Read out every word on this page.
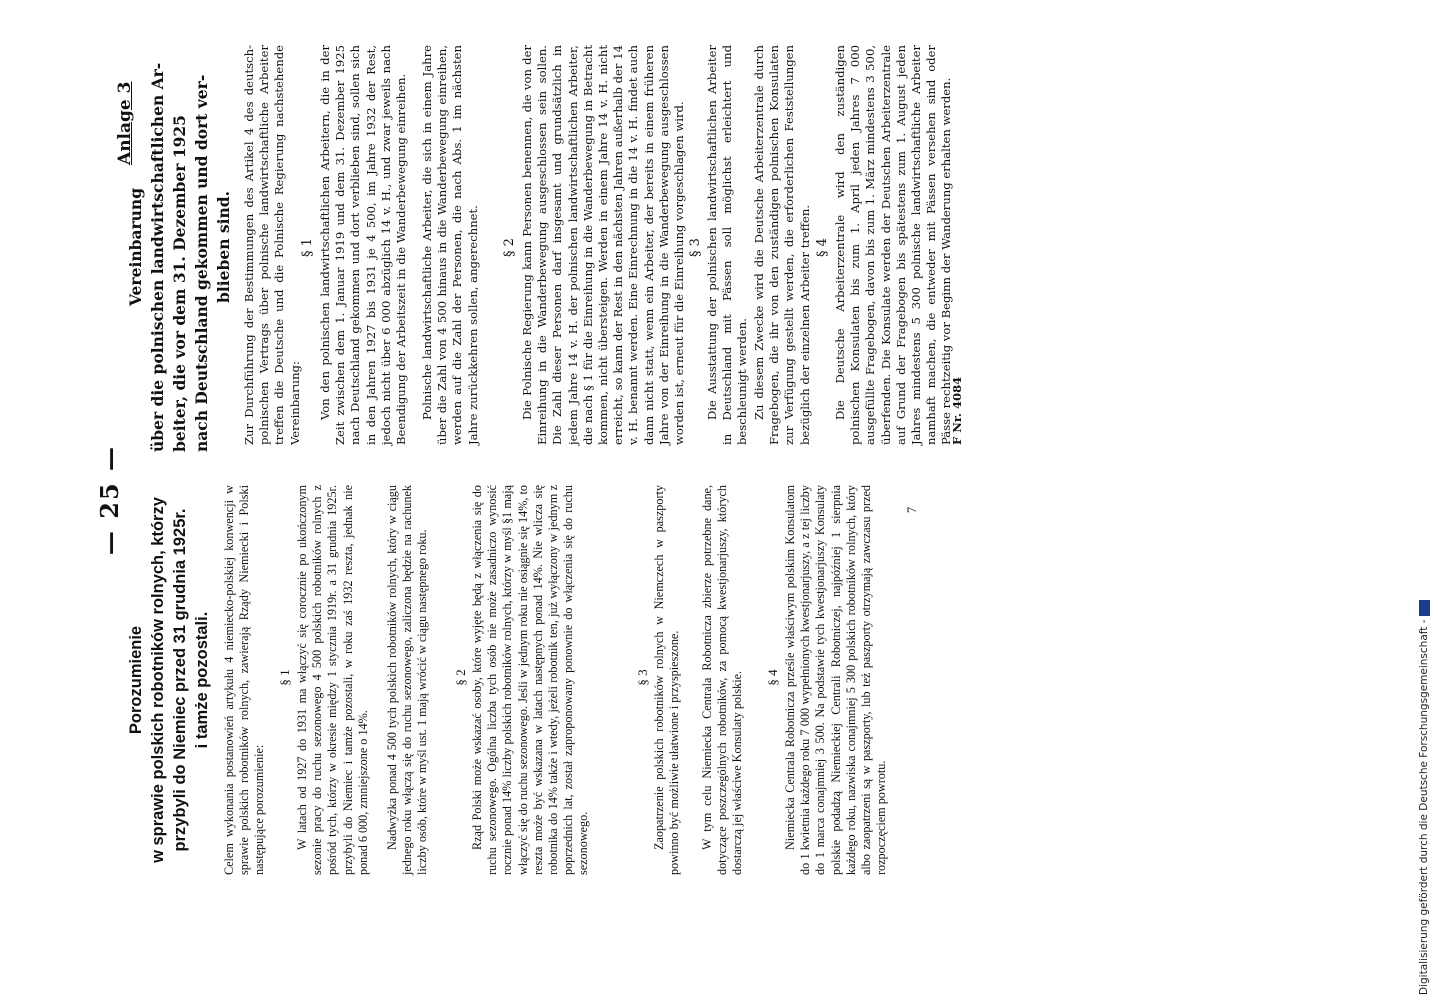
— 25 —
Anlage 3
Porozumienie w sprawie polskich robotników rolnych, którzy przybyli do Niemiec przed 31 grudnia 1925r. i tamże pozostali. Celem wykonania postanowień artykułu 4 niemiecko-polskiej konwencji w sprawie polskich robotników rolnych, zawierają Rządy Niemiecki i Polski następujące porozumienie:
§ 1 W latach od 1927 do 1931 ma włączyć się corocznie po ukończonym sezonie pracy do ruchu sezonowego 4 500 polskich robotników rolnych z pośród tych, którzy w okresie między 1 stycznia 1919r. a 31 grudnia 1925r. przybyli do Niemiec i tamże pozostali, w roku zaś 1932 reszta, jednak nie ponad 6 000, zmniejszone o 14%. Nadwyżka ponad 4 500 tych polskich robotników rolnych, który w ciągu jednego roku włączą się do ruchu sezonowego, zaliczona będzie na rachunek liczby osób, które w myśl ust. 1 mają wrócić w ciągu następnego roku. § 2 Rząd Polski może wskazać osoby, które wyjęte będą z włączenia się do ruchu sezonowego. Ogólna liczba tych osób nie może zasadniczo wynosić rocznie ponad 14% liczby polskich robotników rolnych, którzy w myśl §1 mają włączyć się do ruchu sezonowego. Jeśli w jednym roku nie osiągnie się 14%, to reszta może być wskazana w latach następnych ponad 14%. Nie wlicza się robotnika do 14% także i wtedy, jeżeli robotnik ten, już wyłączony w jednym z poprzednich lat, został zaproponowany ponownie do włączenia się do ruchu sezonowego.
§ 3 Zaopatrzenie polskich robotników rolnych w Niemczech w paszporty powinno być możliwie ułatwione i przyspieszone. W tym celu Niemiecka Centrala Robotnicza zbierze potrzebne dane, dotyczące poszczególnych robotników, za pomocą kwestjonarjuszy, których dostarczą jej właściwe Konsulaty polskie. § 4 Niemiecka Centrala Robotnicza prześle właściwym polskim Konsulatom do 1 kwietnia każdego roku 7 000 wypełnionych kwestjonarjuszy, a z tej liczby do 1 marca conajmniej 3 500. Na podstawie tych kwestjonarjuszy Konsulaty polskie podadzą Niemieckiej Centrali Robotniczej, najpóźniej 1 sierpnia każdego roku, nazwiska conajmniej 5 300 polskich robotników rolnych, który albo zaopatrzeni są w paszporty, lub też paszporty otrzymają zawczasu przed rozpoczęciem powrotu.
7
Vereinbarung über die polnischen landwirtschaftlichen Ar- beiter, die vor dem 31. Dezember 1925 nach Deutschland gekommen und dort ver- blieben sind. Zur Durchführung der Bestimmungen des Artikel 4 des deutsch-polnischen Vertrags über polnische landwirtschaftliche Arbeiter treffen die Deutsche und die Polnische Regierung nachstehende Vereinbarung:
§ 1 Von den polnischen landwirtschaftlichen Arbeitern, die in der Zeit zwischen dem 1. Januar 1919 und dem 31. Dezember 1925 nach Deutschland gekommen und dort verblieben sind, sollen sich in den Jahren 1927 bis 1931 je 4 500, im Jahre 1932 der Rest, jedoch nicht über 6 000 abzüglich 14 v. H., und zwar jeweils nach Beendigung der Arbeitszeit in die Wanderbewegung einreihen. Polnische landwirtschaftliche Arbeiter, die sich in einem Jahre über die Zahl von 4 500 hinaus in die Wanderbewegung einreihen, werden auf die Zahl der Personen, die nach Abs. 1 im nächsten Jahre zurückkehren sollen, angerechnet. § 2 Die Polnische Regierung kann Personen benennen, die von der Einreihung in die Wanderbewegung ausgeschlossen sein sollen. Die Zahl dieser Personen darf insgesamt und grundsätzlich in jedem Jahre 14 v. H. der polnischen landwirtschaftlichen Arbeiter, die nach § 1 für die Einreihung in die Wanderbewegung in Betracht kommen, nicht übersteigen. Werden in einem Jahre 14 v. H. nicht erreicht, so kann der Rest in den nächsten Jahren außerhalb der 14 v. H. benannt werden. Eine Einrechnung in die 14 v. H. findet auch dann nicht statt, wenn ein Arbeiter, der bereits in einem früheren Jahre von der Einreihung in die Wanderbewegung ausgeschlossen worden ist, erneut für die Einreihung vorgeschlagen wird. § 3 Die Ausstattung der polnischen landwirtschaftlichen Arbeiter in Deutschland mit Pässen soll möglichst erleichtert und beschleunigt werden. Zu diesem Zwecke wird die Deutsche Arbeiterzentrale durch Fragebogen, die ihr von den zuständigen polnischen Konsulaten zur Verfügung gestellt werden, die erforderlichen Feststellungen bezüglich der einzelnen Arbeiter treffen. § 4 Die Deutsche Arbeiterzentrale wird den zuständigen polnischen Konsulaten bis zum 1. April jeden Jahres 7 000 ausgefüllte Fragebogen, davon bis zum 1. März mindestens 3 500, überfenden. Die Konsulate werden der Deutschen Arbeiterzentrale auf Grund der Fragebogen bis spätestens zum 1. August jeden Jahres mindestens 5 300 polnische landwirtschaftliche Arbeiter namhaft machen, die entweder mit Pässen versehen sind oder Pässe rechtzeitig vor Beginn der Wanderung erhalten werden.
F Nr. 4084
Digitalisierung gefördert durch die Deutsche Forschungsgemeinschaft -
